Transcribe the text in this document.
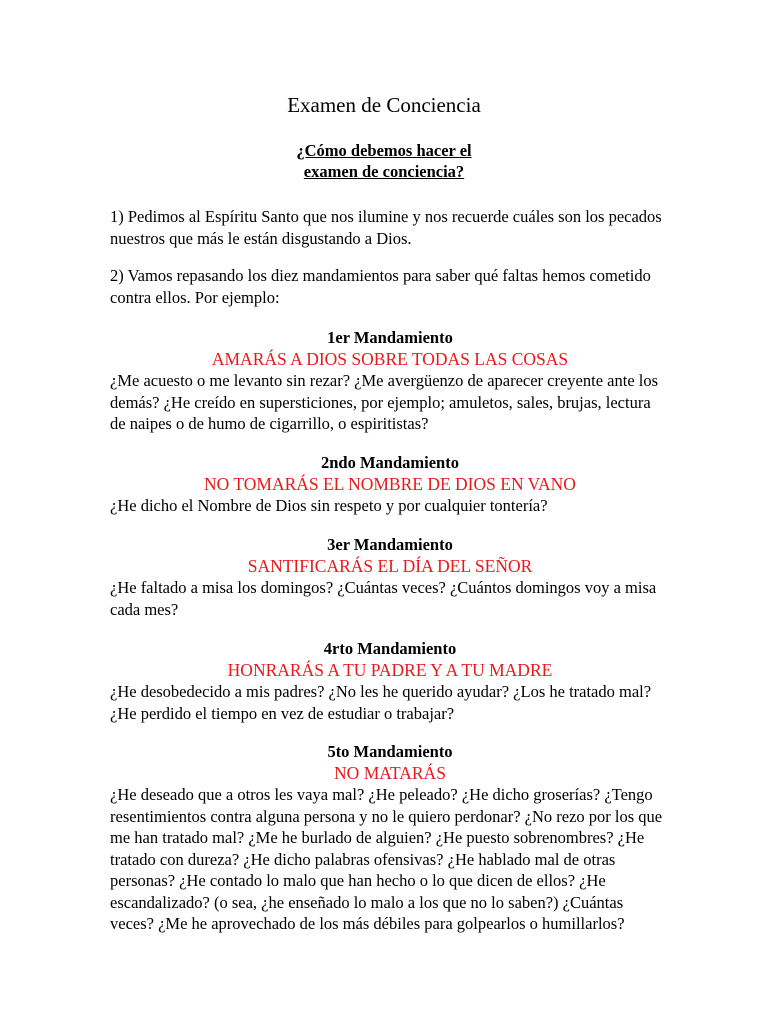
Examen de Conciencia
¿Cómo debemos hacer el
examen de conciencia?
1) Pedimos al Espíritu Santo que nos ilumine y nos recuerde cuáles son los pecados nuestros que más le están disgustando a Dios.
2) Vamos repasando los diez mandamientos para saber qué faltas hemos cometido contra ellos. Por ejemplo:
1er Mandamiento
AMARÁS A DIOS SOBRE TODAS LAS COSAS
¿Me acuesto o me levanto sin rezar? ¿Me avergüenzo de aparecer creyente ante los demás? ¿He creído en supersticiones, por ejemplo; amuletos, sales, brujas, lectura de naipes o de humo de cigarrillo, o espiritistas?
2ndo Mandamiento
NO TOMARÁS EL NOMBRE DE DIOS EN VANO
¿He dicho el Nombre de Dios sin respeto y por cualquier tontería?
3er Mandamiento
SANTIFICARÁS EL DÍA DEL SEÑOR
¿He faltado a misa los domingos? ¿Cuántas veces? ¿Cuántos domingos voy a misa cada mes?
4rto Mandamiento
HONRARÁS A TU PADRE Y A TU MADRE
¿He desobedecido a mis padres? ¿No les he querido ayudar? ¿Los he tratado mal? ¿He perdido el tiempo en vez de estudiar o trabajar?
5to Mandamiento
NO MATARÁS
¿He deseado que a otros les vaya mal? ¿He peleado? ¿He dicho groserías? ¿Tengo resentimientos contra alguna persona y no le quiero perdonar? ¿No rezo por los que me han tratado mal? ¿Me he burlado de alguien? ¿He puesto sobrenombres? ¿He tratado con dureza? ¿He dicho palabras ofensivas? ¿He hablado mal de otras personas? ¿He contado lo malo que han hecho o lo que dicen de ellos? ¿He escandalizado? (o sea, ¿he enseñado lo malo a los que no lo saben?) ¿Cuántas veces? ¿Me he aprovechado de los más débiles para golpearlos o humillarlos?
